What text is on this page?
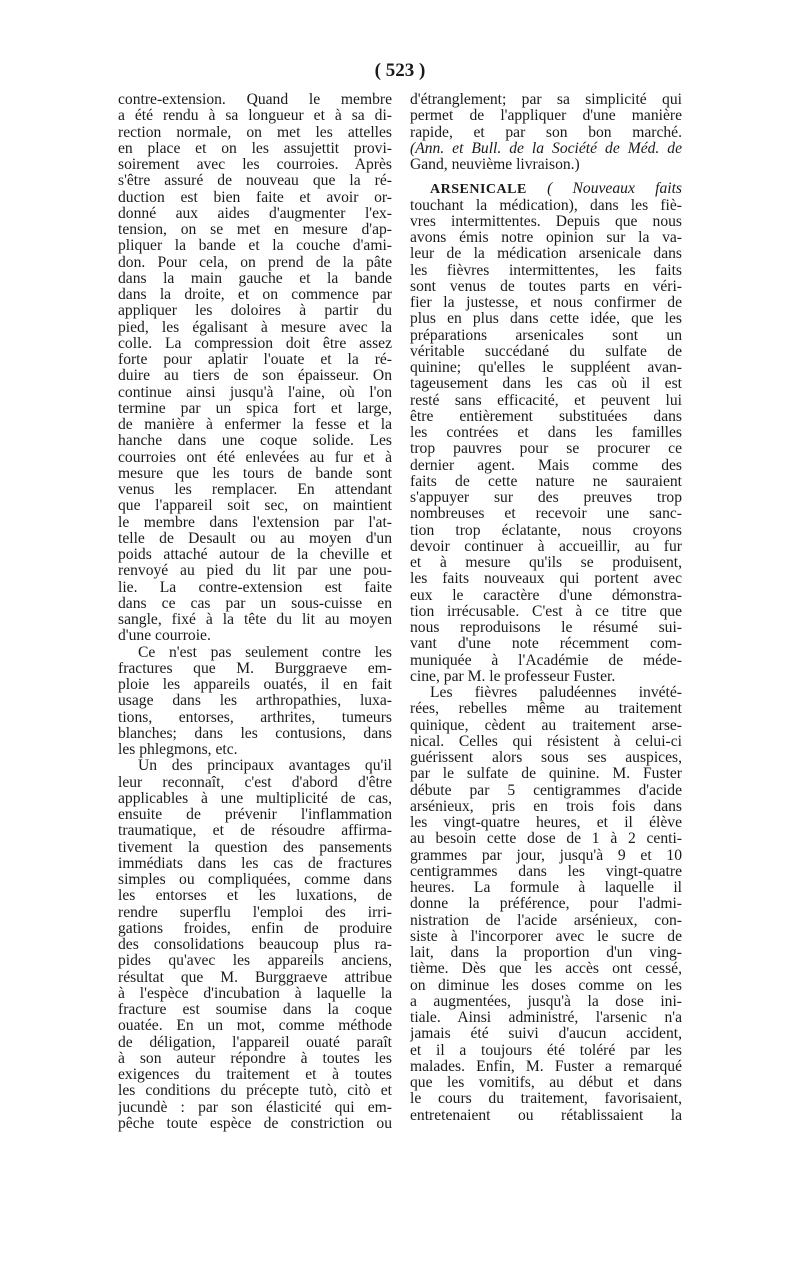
( 523 )
contre-extension. Quand le membre
a été rendu à sa longueur et à sa di-
rection normale, on met les attelles
en place et on les assujettit provi-
soirement avec les courroies. Après
s'être assuré de nouveau que la ré-
duction est bien faite et avoir or-
donné aux aides d'augmenter l'ex-
tension, on se met en mesure d'ap-
pliquer la bande et la couche d'ami-
don. Pour cela, on prend de la pâte
dans la main gauche et la bande
dans la droite, et on commence par
appliquer les doloires à partir du
pied, les égalisant à mesure avec la
colle. La compression doit être assez
forte pour aplatir l'ouate et la ré-
duire au tiers de son épaisseur. On
continue ainsi jusqu'à l'aine, où l'on
termine par un spica fort et large,
de manière à enfermer la fesse et la
hanche dans une coque solide. Les
courroies ont été enlevées au fur et à
mesure que les tours de bande sont
venus les remplacer. En attendant
que l'appareil soit sec, on maintient
le membre dans l'extension par l'at-
telle de Desault ou au moyen d'un
poids attaché autour de la cheville et
renvoyé au pied du lit par une pou-
lie. La contre-extension est faite
dans ce cas par un sous-cuisse en
sangle, fixé à la tête du lit au moyen
d'une courroie.
Ce n'est pas seulement contre les
fractures que M. Burggraeve em-
ploie les appareils ouatés, il en fait
usage dans les arthropathies, luxa-
tions, entorses, arthrites, tumeurs
blanches; dans les contusions, dans
les phlegmons, etc.
Un des principaux avantages qu'il
leur reconnaît, c'est d'abord d'être
applicables à une multiplicité de cas,
ensuite de prévenir l'inflammation
traumatique, et de résoudre affirma-
tivement la question des pansements
immédiats dans les cas de fractures
simples ou compliquées, comme dans
les entorses et les luxations, de
rendre superflu l'emploi des irri-
gations froides, enfin de produire
des consolidations beaucoup plus ra-
pides qu'avec les appareils anciens,
résultat que M. Burggraeve attribue
à l'espèce d'incubation à laquelle la
fracture est soumise dans la coque
ouatée. En un mot, comme méthode
de déligation, l'appareil ouaté paraît
à son auteur répondre à toutes les
exigences du traitement et à toutes
les conditions du précepte tutò, citò et
jucundè : par son élasticité qui em-
pêche toute espèce de constriction ou
d'étranglement; par sa simplicité qui
permet de l'appliquer d'une manière
rapide, et par son bon marché.
(Ann. et Bull. de la Société de Méd. de
Gand, neuvième livraison.)
ARSENICALE ( Nouveaux faits
touchant la médication), dans les fiè-
vres intermittentes. Depuis que nous
avons émis notre opinion sur la va-
leur de la médication arsenicale dans
les fièvres intermittentes, les faits
sont venus de toutes parts en véri-
fier la justesse, et nous confirmer de
plus en plus dans cette idée, que les
préparations arsenicales sont un
véritable succédané du sulfate de
quinine; qu'elles le suppléent avan-
tageusement dans les cas où il est
resté sans efficacité, et peuvent lui
être entièrement substituées dans
les contrées et dans les familles
trop pauvres pour se procurer ce
dernier agent. Mais comme des
faits de cette nature ne sauraient
s'appuyer sur des preuves trop
nombreuses et recevoir une sanc-
tion trop éclatante, nous croyons
devoir continuer à accueillir, au fur
et à mesure qu'ils se produisent,
les faits nouveaux qui portent avec
eux le caractère d'une démonstra-
tion irrécusable. C'est à ce titre que
nous reproduisons le résumé sui-
vant d'une note récemment com-
muniquée à l'Académie de méde-
cine, par M. le professeur Fuster.
Les fièvres paludéennes invété-
rées, rebelles même au traitement
quinique, cèdent au traitement arse-
nical. Celles qui résistent à celui-ci
guérissent alors sous ses auspices,
par le sulfate de quinine. M. Fuster
débute par 5 centigrammes d'acide
arsénieux, pris en trois fois dans
les vingt-quatre heures, et il élève
au besoin cette dose de 1 à 2 centi-
grammes par jour, jusqu'à 9 et 10
centigrammes dans les vingt-quatre
heures. La formule à laquelle il
donne la préférence, pour l'admi-
nistration de l'acide arsénieux, con-
siste à l'incorporer avec le sucre de
lait, dans la proportion d'un ving-
tième. Dès que les accès ont cessé,
on diminue les doses comme on les
a augmentées, jusqu'à la dose ini-
tiale. Ainsi administré, l'arsenic n'a
jamais été suivi d'aucun accident,
et il a toujours été toléré par les
malades. Enfin, M. Fuster a remarqué
que les vomitifs, au début et dans
le cours du traitement, favorisaient,
entretenaient ou rétablissaient la
